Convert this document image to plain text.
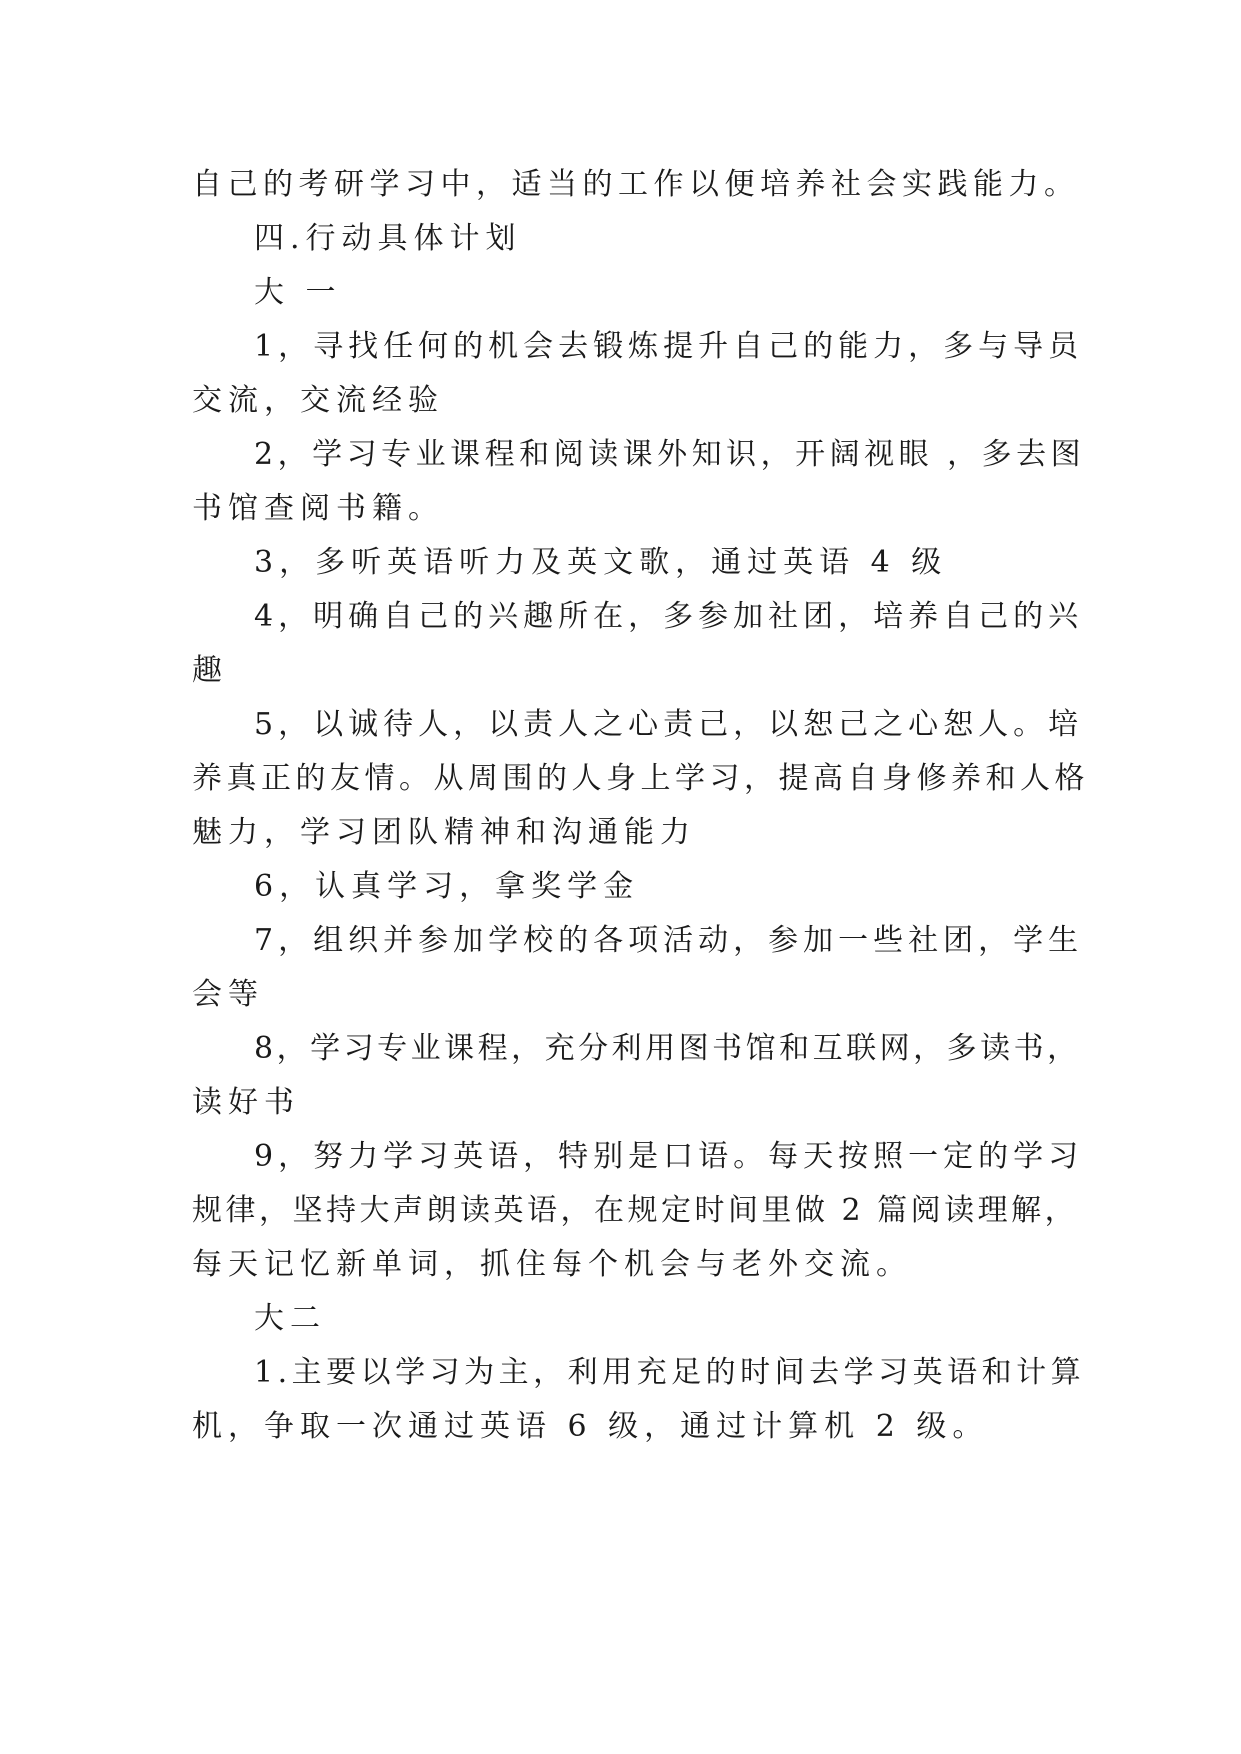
自己的考研学习中，适当的工作以便培养社会实践能力。
四.行动具体计划
大 一
1，寻找任何的机会去锻炼提升自己的能力，多与导员
交流，交流经验
2，学习专业课程和阅读课外知识，开阔视眼 ，多去图
书馆查阅书籍。
3，多听英语听力及英文歌，通过英语 4 级
4，明确自己的兴趣所在，多参加社团，培养自己的兴
趣
5，以诚待人，以责人之心责己，以恕己之心恕人。培
养真正的友情。从周围的人身上学习，提高自身修养和人格
魅力，学习团队精神和沟通能力
6，认真学习，拿奖学金
7，组织并参加学校的各项活动，参加一些社团，学生
会等
8，学习专业课程，充分利用图书馆和互联网，多读书，
读好书
9，努力学习英语，特别是口语。每天按照一定的学习
规律，坚持大声朗读英语，在规定时间里做 2 篇阅读理解，
每天记忆新单词，抓住每个机会与老外交流。
大二
1.主要以学习为主，利用充足的时间去学习英语和计算
机，争取一次通过英语 6 级，通过计算机 2 级。
